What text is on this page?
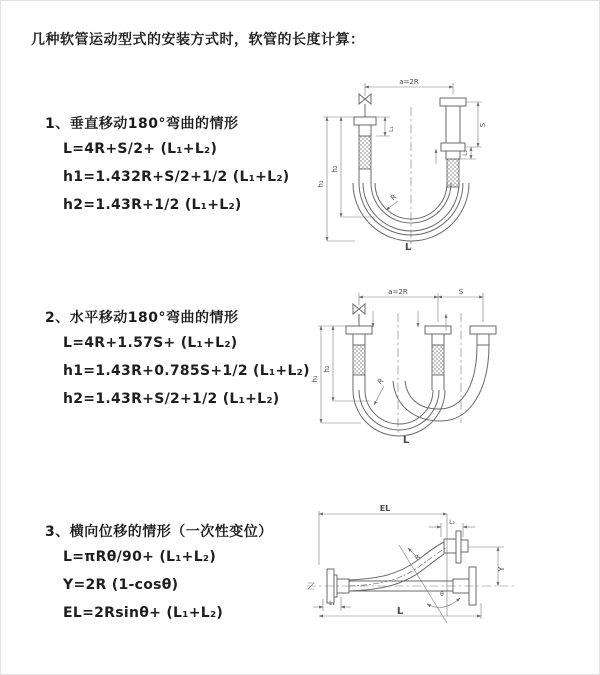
几种软管运动型式的安装方式时，软管的长度计算：
1、垂直移动180°弯曲的情形
L=4R+S/2+ (L₁+L₂)
h1=1.432R+S/2+1/2 (L₁+L₂)
h2=1.43R+1/2 (L₁+L₂)
2、水平移动180°弯曲的情形
L=4R+1.57S+ (L₁+L₂)
h1=1.43R+0.785S+1/2 (L₁+L₂)
h2=1.43R+S/2+1/2 (L₁+L₂)
3、横向位移的情形（一次性变位）
L=πRθ/90+ (L₁+L₂)
Y=2R (1-cosθ)
EL=2Rsinθ+ (L₁+L₂)
a=2R
L₁
S
L₂
h₁
h₂
R
L
a=2R	S
h₁
h₂
R
L
EL
L₁
L₂
Y
R
θ
L
